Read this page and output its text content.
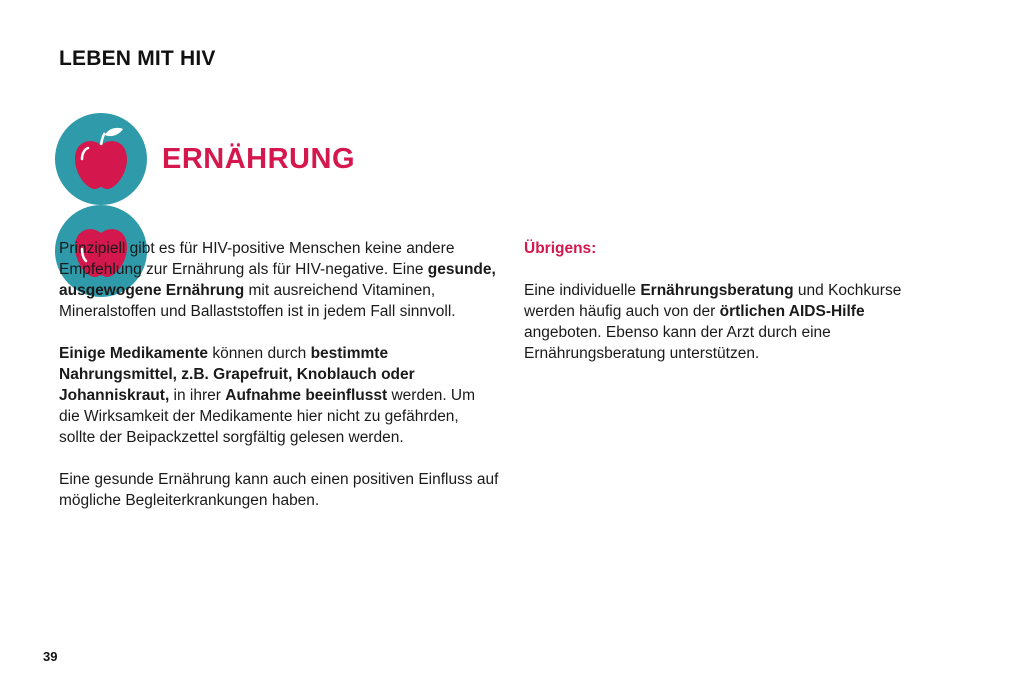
LEBEN MIT HIV
ERNÄHRUNG

Prinzipiell gibt es für HIV-positive Menschen keine andere Empfehlung zur Ernährung als für HIV-negative. Eine gesunde, ausgewogene Ernährung mit ausreichend Vitaminen, Mineralstoffen und Ballaststoffen ist in jedem Fall sinnvoll.

Einige Medikamente können durch bestimmte Nahrungsmittel, z.B. Grapefruit, Knoblauch oder Johanniskraut, in ihrer Aufnahme beeinflusst werden. Um die Wirksamkeit der Medikamente hier nicht zu gefährden, sollte der Beipackzettel sorgfältig gelesen werden.

Eine gesunde Ernährung kann auch einen positiven Einfluss auf mögliche Begleiterkrankungen haben.

Übrigens:

Eine individuelle Ernährungsberatung und Kochkurse werden häufig auch von der örtlichen AIDS-Hilfe angeboten. Ebenso kann der Arzt durch eine Ernährungsberatung unterstützen.

39
